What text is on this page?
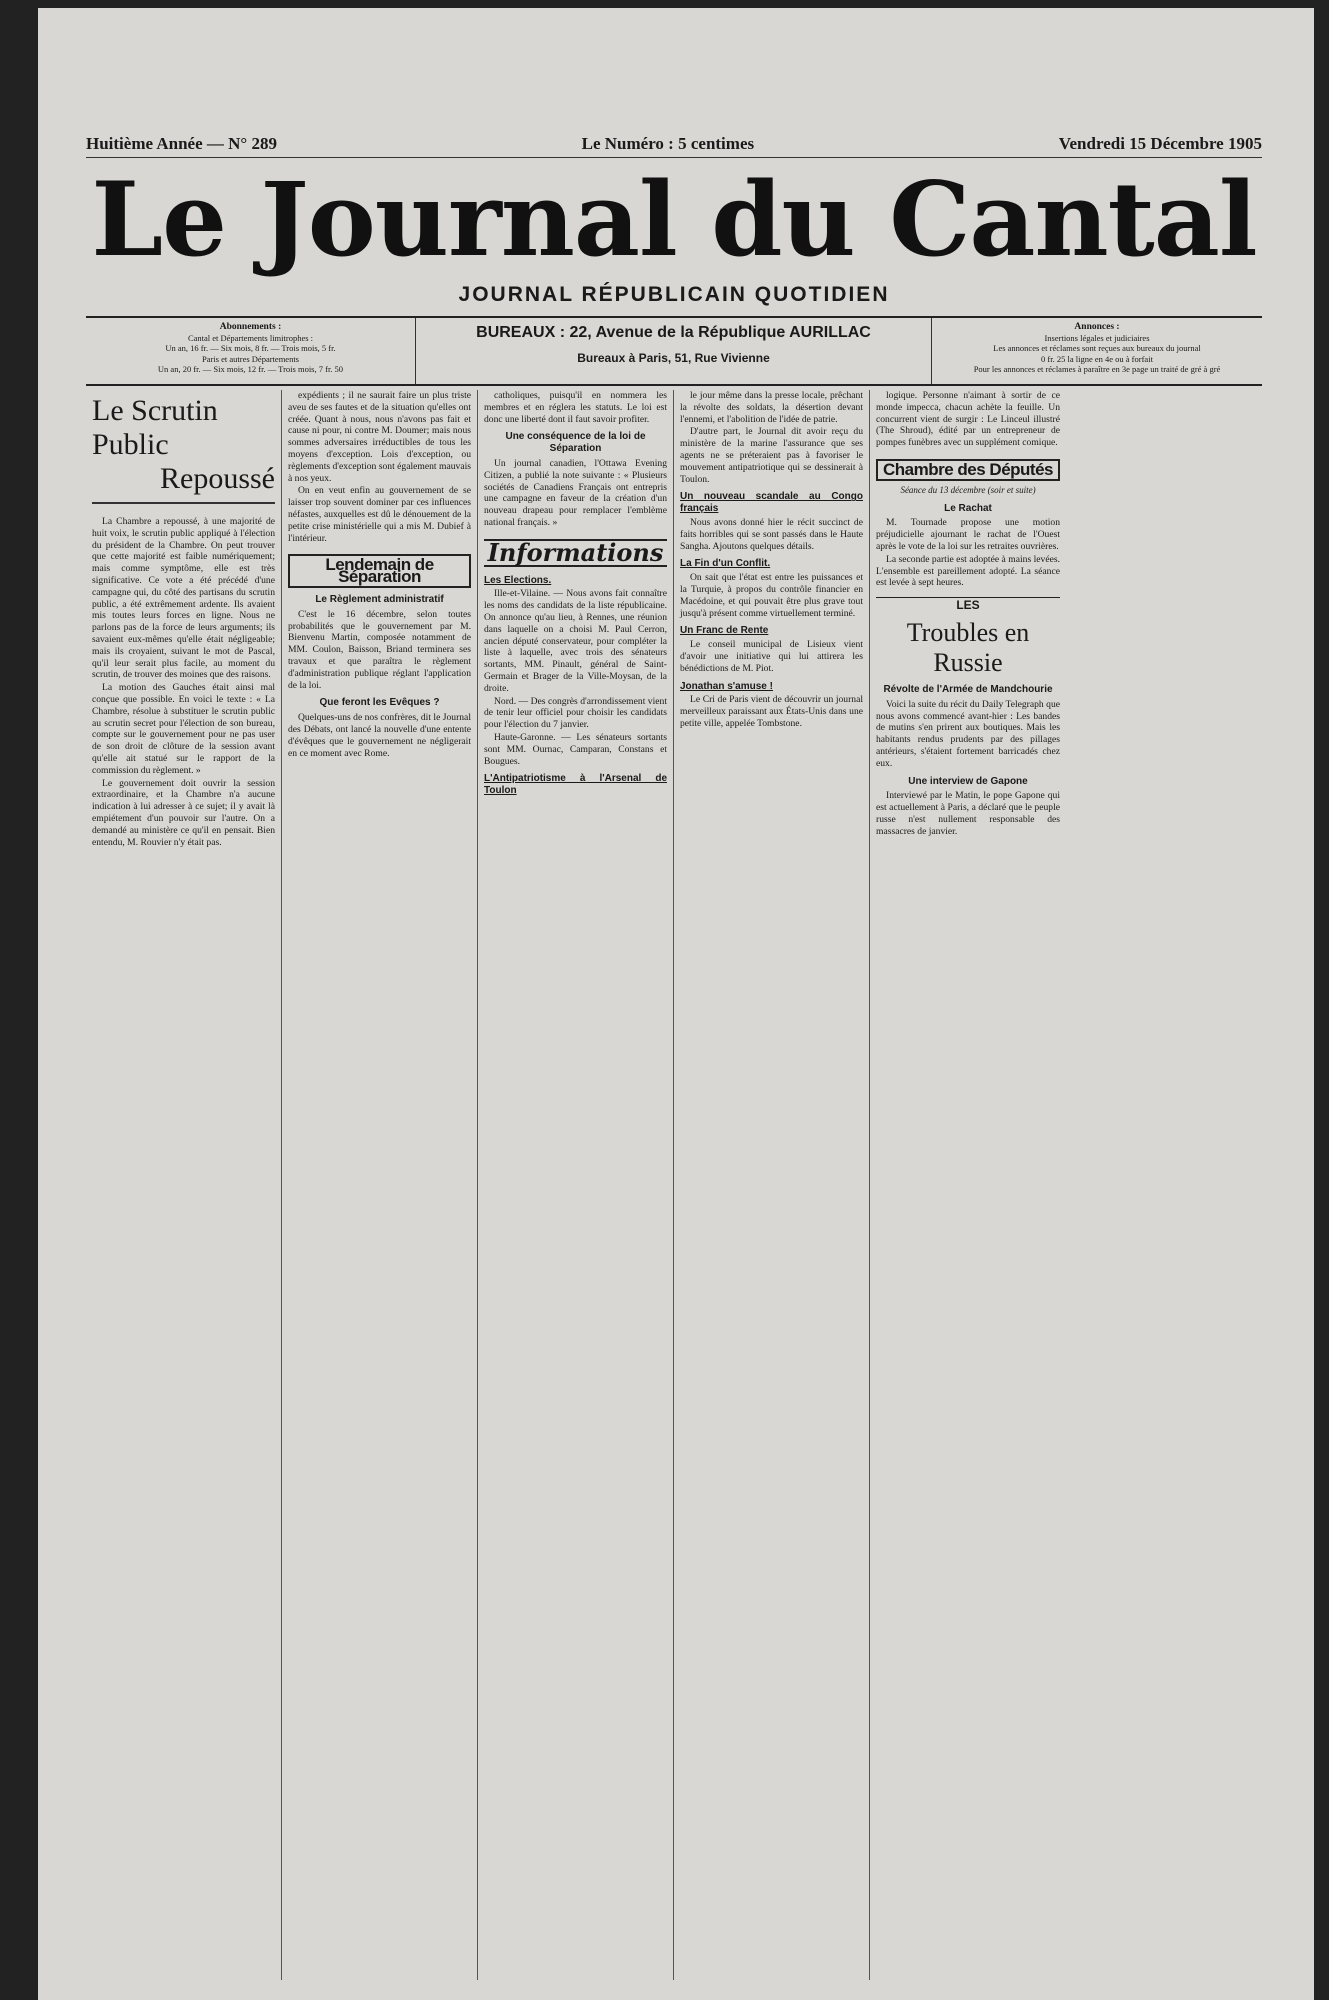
Huitième Année — N° 289	Le Numéro : 5 centimes	Vendredi 15 Décembre 1905
Le Journal du Cantal
JOURNAL RÉPUBLICAIN QUOTIDIEN
Abonnements :
Cantal et Départements limitrophes :
Un an, 16 fr. — Six mois, 8 fr. — Trois mois, 5 fr.
Paris et autres Départements
Un an, 20 fr. — Six mois, 12 fr. — Trois mois, 7 fr. 50
BUREAUX : 22, Avenue de la République AURILLAC
Bureaux à Paris, 51, Rue Vivienne
Annonces :
Insertions légales et judiciaires
Les annonces et réclames sont reçues aux bureaux du journal
0 fr. 25 la ligne en 4e ou à forfait
Pour les annonces et réclames à paraître en 3e page un traité de gré à gré
Le Scrutin Public
Repoussé

La Chambre a repoussé, à une majorité de huit voix, le scrutin public appliqué à l'élection du président de la Chambre. On peut trouver que cette majorité est faible numériquement; mais comme symptôme, elle est très significative. Ce vote a été précédé d'une campagne qui, du côté des partisans du scrutin public, a été extrêmement ardente. Ils avaient mis toutes leurs forces en ligne. Nous ne parlons pas de la force de leurs arguments; ils savaient eux-mêmes qu'elle était négligeable; mais ils croyaient, suivant le mot de Pascal, qu'il leur serait plus facile, au moment du scrutin, de trouver des moines que des raisons.

La motion des Gauches était ainsi mal conçue que possible. En voici le texte : « La Chambre, résolue à substituer le scrutin public au scrutin secret pour l'élection de son bureau, compte sur le gouvernement pour ne pas user de son droit de clôture de la session avant qu'elle ait statué sur le rapport de la commission du règlement. »

Le gouvernement doit ouvrir la session extraordinaire, et la Chambre n'a aucune indication à lui adresser à ce sujet; il y avait là empiétement d'un pouvoir sur l'autre. On a demandé au ministère ce qu'il en pensait. Bien entendu, M. Rouvier n'y était pas.

expédients ; il ne saurait faire un plus triste aveu de ses fautes et de la situation qu'elles ont créée. Quant à nous, nous n'avons pas fait et cause ni pour, ni contre M. Doumer; mais nous sommes adversaires irréductibles de tous les moyens d'exception. Lois d'exception, ou règlements d'exception sont également mauvais à nos yeux.

On en veut enfin au gouvernement de se laisser trop souvent dominer par ces influences néfastes, auxquelles est dû le dénouement de la petite crise ministérielle qui a mis M. Dubief à l'intérieur.

Lendemain de Séparation
Le Règlement administratif

C'est le 16 décembre, selon toutes probabilités que le gouvernement par M. Bienvenu Martin, composée notamment de MM. Coulon, Baisson, Briand terminera ses travaux et que paraîtra le règlement d'administration publique réglant l'application de la loi.

Que feront les Evêques ?

Quelques-uns de nos confrères, dit le Journal des Débats, ont lancé la nouvelle d'une entente d'évêques que le gouvernement ne négligerait en ce moment avec Rome.

catholiques, puisqu'il en nommera les membres et en réglera les statuts. Le loi est donc une liberté dont il faut savoir profiter.

Une conséquence de la loi de Séparation

Un journal canadien, l'Ottawa Evening Citizen, a publié la note suivante : « Plusieurs sociétés de Canadiens Français ont entrepris une campagne en faveur de la création d'un nouveau drapeau pour remplacer l'emblème national français. »

Informations
Les Elections.

Ille-et-Vilaine. — Nous avons fait connaître les noms des candidats de la liste républicaine. On annonce qu'au lieu, à Rennes, une réunion dans laquelle on a choisi M. Paul Cerron, ancien député conservateur, pour compléter la liste à laquelle, avec trois des sénateurs sortants, MM. Pinault, général de Saint-Germain et Brager de la Ville-Moysan, de la droite.

Nord. — Des congrès d'arrondissement vient de tenir leur officiel pour choisir les candidats pour l'élection du 7 janvier.

Haute-Garonne. — Les sénateurs sortants sont MM. Ournac, Camparan, Constans et Bougues.

L'Antipatriotisme à l'Arsenal de Toulon

le jour même dans la presse locale, prêchant la révolte des soldats, la désertion devant l'ennemi, et l'abolition de l'idée de patrie.

D'autre part, le Journal dit avoir reçu du ministère de la marine l'assurance que ses agents ne se préteraient pas à favoriser le mouvement antipatriotique qui se dessinerait à Toulon.

Un nouveau scandale au Congo français

Nous avons donné hier le récit succinct de faits horribles qui se sont passés dans le Haute Sangha. Ajoutons quelques détails.

La Fin d'un Conflit.

On sait que l'état est entre les puissances et la Turquie, à propos du contrôle financier en Macédoine, et qui pouvait être plus grave tout jusqu'à présent comme virtuellement terminé.

Un Franc de Rente

Le conseil municipal de Lisieux vient d'avoir une initiative qui lui attirera les bénédictions de M. Piot.

Jonathan s'amuse !

Le Cri de Paris vient de découvrir un journal merveilleux paraissant aux États-Unis dans une petite ville, appelée Tombstone.

logique. Personne n'aimant à sortir de ce monde impecca, chacun achète la feuille. Un concurrent vient de surgir : Le Linceul illustré (The Shroud), édité par un entrepreneur de pompes funèbres avec un supplément comique.

Chambre des Députés
Séance du 13 décembre (soir et suite)
Le Rachat

M. Tournade propose une motion préjudicielle ajournant le rachat de l'Ouest après le vote de la loi sur les retraites ouvrières.

La seconde partie est adoptée à mains levées. L'ensemble est pareillement adopté. La séance est levée à sept heures.

LES
Troubles en Russie
Révolte de l'Armée de Mandchourie

Voici la suite du récit du Daily Telegraph que nous avons commencé avant-hier : Les bandes de mutins s'en prirent aux boutiques. Mais les habitants rendus prudents par des pillages antérieurs, s'étaient fortement barricadés chez eux.

Une interview de Gapone

Interviewé par le Matin, le pope Gapone qui est actuellement à Paris, a déclaré que le peuple russe n'est nullement responsable des massacres de janvier.
